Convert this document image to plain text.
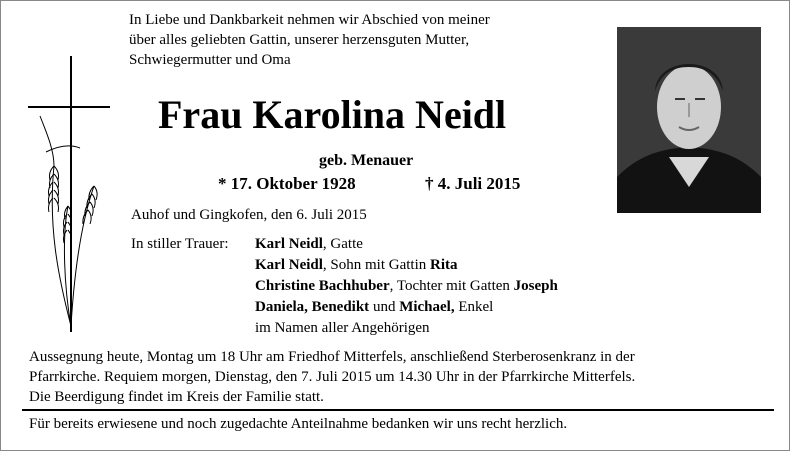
In Liebe und Dankbarkeit nehmen wir Abschied von meiner
über alles geliebten Gattin, unserer herzensguten Mutter,
Schwiegermutter und Oma
Frau Karolina Neidl
geb. Menauer
* 17. Oktober 1928	† 4. Juli 2015
Auhof und Gingkofen, den 6. Juli 2015
In stiller Trauer: Karl Neidl, Gatte
Karl Neidl, Sohn mit Gattin Rita
Christine Bachhuber, Tochter mit Gatten Joseph
Daniela, Benedikt und Michael, Enkel
im Namen aller Angehörigen
Aussegnung heute, Montag um 18 Uhr am Friedhof Mitterfels, anschließend Sterberosenkranz in der
Pfarrkirche. Requiem morgen, Dienstag, den 7. Juli 2015 um 14.30 Uhr in der Pfarrkirche Mitterfels.
Die Beerdigung findet im Kreis der Familie statt.
Für bereits erwiesene und noch zugedachte Anteilnahme bedanken wir uns recht herzlich.
